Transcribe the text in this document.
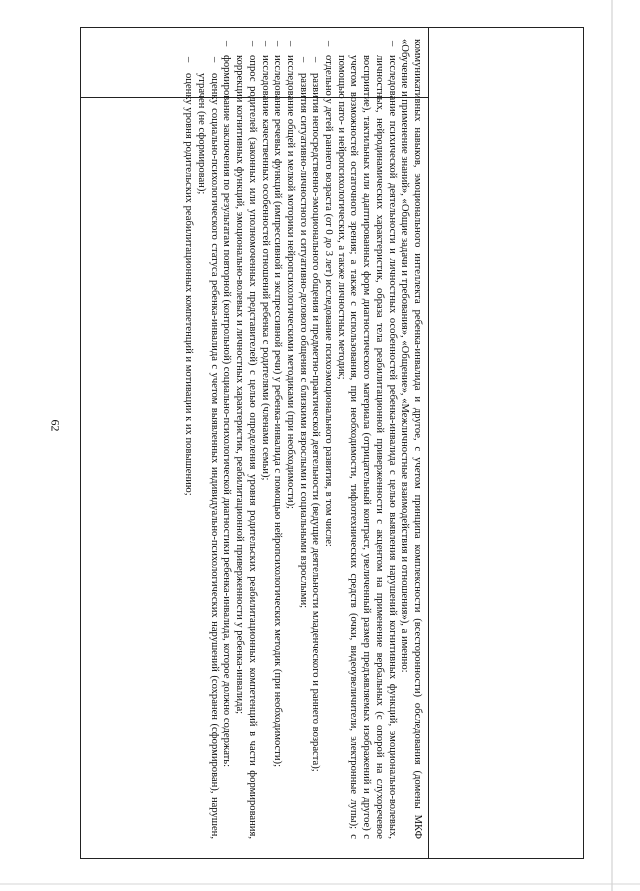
62	коммуникативных навыков, эмоционального интеллекта ребенка-инвалида и другое, с учетом принципа комплексности (всесторонности) обследования (домены МКФ «Обучение и применение знаний», «Общие задачи и требования», «Общение», «Межличностные взаимодействия и отношения»), а именно:

– исследование психической деятельности и личностных особенностей ребенка-инвалида с целью выявления нарушений когнитивных функций, эмоционально-волевых, личностных, нейродинамических характеристик, образа тела реабилитационной приверженности с акцентом на применение вербальных (с опорой на слухоречевое восприятие), тактильных или адаптированных форм диагностического материала (отрицательный контраст, увеличенный размер предъявляемых изображений и другое) с учетом возможностей остаточного зрения; а также с использования, при необходимости, тифлотехнических средств (очки, видеоувеличители, электронные лупы); с помощью пато- и нейропсихологических, а также личностных методик;

– отдельно у детей раннего возраста (от 0 до 3 лет) исследование психоэмоционального развития, в том числе:

– развития непосредственно-эмоционального общения и предметно-практической деятельности (ведущие деятельности младенческого и раннего возраста);

– развития ситуативно-личностного и ситуативно-делового общения с близкими взрослыми и социальными взрослыми;

– исследование общей и мелкой моторики нейропсихологическими методиками (при необходимости);

– исследование речевых функций (импрессивной и экспрессивной речи) у ребенка-инвалида с помощью нейропсихологических методик (при необходимости);

– исследование качественных особенностей отношений ребенка с родителями (членами семьи);

– опрос родителей (законных или уполномоченных представителей) с целью определения уровня родительских реабилитационных компетенций в части формирования, коррекции когнитивных функций, эмоционально-волевых и личностных характеристик, реабилитационной приверженности у ребенка-инвалида;

– формирование заключения по результатам повторной (контрольной) социально-психологической диагностики ребенка-инвалида, которое должно содержать:

– оценку социально-психологического статуса ребенка-инвалида с учетом выявленных индивидуально-психологических нарушений (сохранен (сформирован), нарушен, утрачен (не сформирован);

– оценку уровня родительских реабилитационных компетенций и мотивации к их повышению;
